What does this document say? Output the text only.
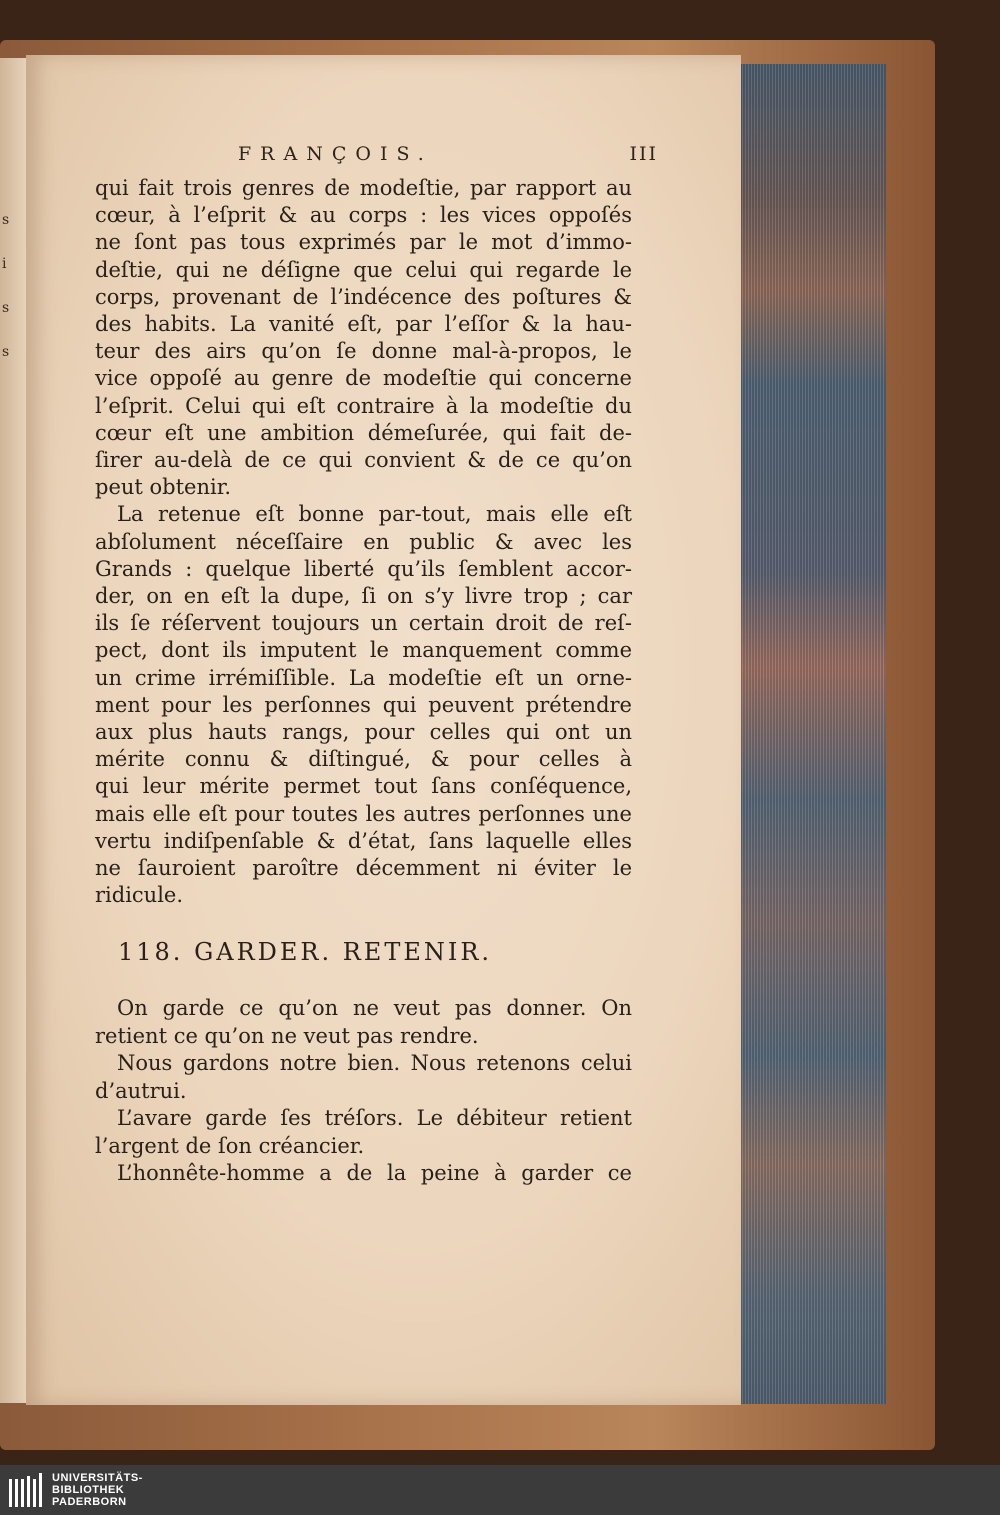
s i s s
FRANÇOIS.	III
qui fait trois genres de modeſtie, par rapport au
cœur, à l’eſprit & au corps : les vices oppoſés
ne ſont pas tous exprimés par le mot d’immo-
deſtie, qui ne déſigne que celui qui regarde le
corps, provenant de l’indécence des poſtures &
des habits. La vanité eſt, par l’eſſor & la hau-
teur des airs qu’on ſe donne mal-à-propos, le
vice oppoſé au genre de modeſtie qui concerne
l’eſprit. Celui qui eſt contraire à la modeſtie du
cœur eſt une ambition démeſurée, qui fait de-
ſirer au-delà de ce qui convient & de ce qu’on
peut obtenir.
La retenue eſt bonne par-tout, mais elle eſt
abſolument néceſſaire en public & avec les
Grands : quelque liberté qu’ils ſemblent accor-
der, on en eſt la dupe, ſi on s’y livre trop ; car
ils ſe réſervent toujours un certain droit de reſ-
pect, dont ils imputent le manquement comme
un crime irrémiſſible. La modeſtie eſt un orne-
ment pour les perſonnes qui peuvent prétendre
aux plus hauts rangs, pour celles qui ont un
mérite connu & diſtingué, & pour celles à
qui leur mérite permet tout ſans conſéquence,
mais elle eſt pour toutes les autres perſonnes une
vertu indiſpenſable & d’état, ſans laquelle elles
ne ſauroient paroître décemment ni éviter le
ridicule.
118. GARDER. RETENIR.
On garde ce qu’on ne veut pas donner. On
retient ce qu’on ne veut pas rendre.
Nous gardons notre bien. Nous retenons celui
d’autrui.
L’avare garde ſes tréſors. Le débiteur retient
l’argent de ſon créancier.
L’honnête-homme a de la peine à garder ce
UNIVERSITÄTS-
BIBLIOTHEK
PADERBORN
